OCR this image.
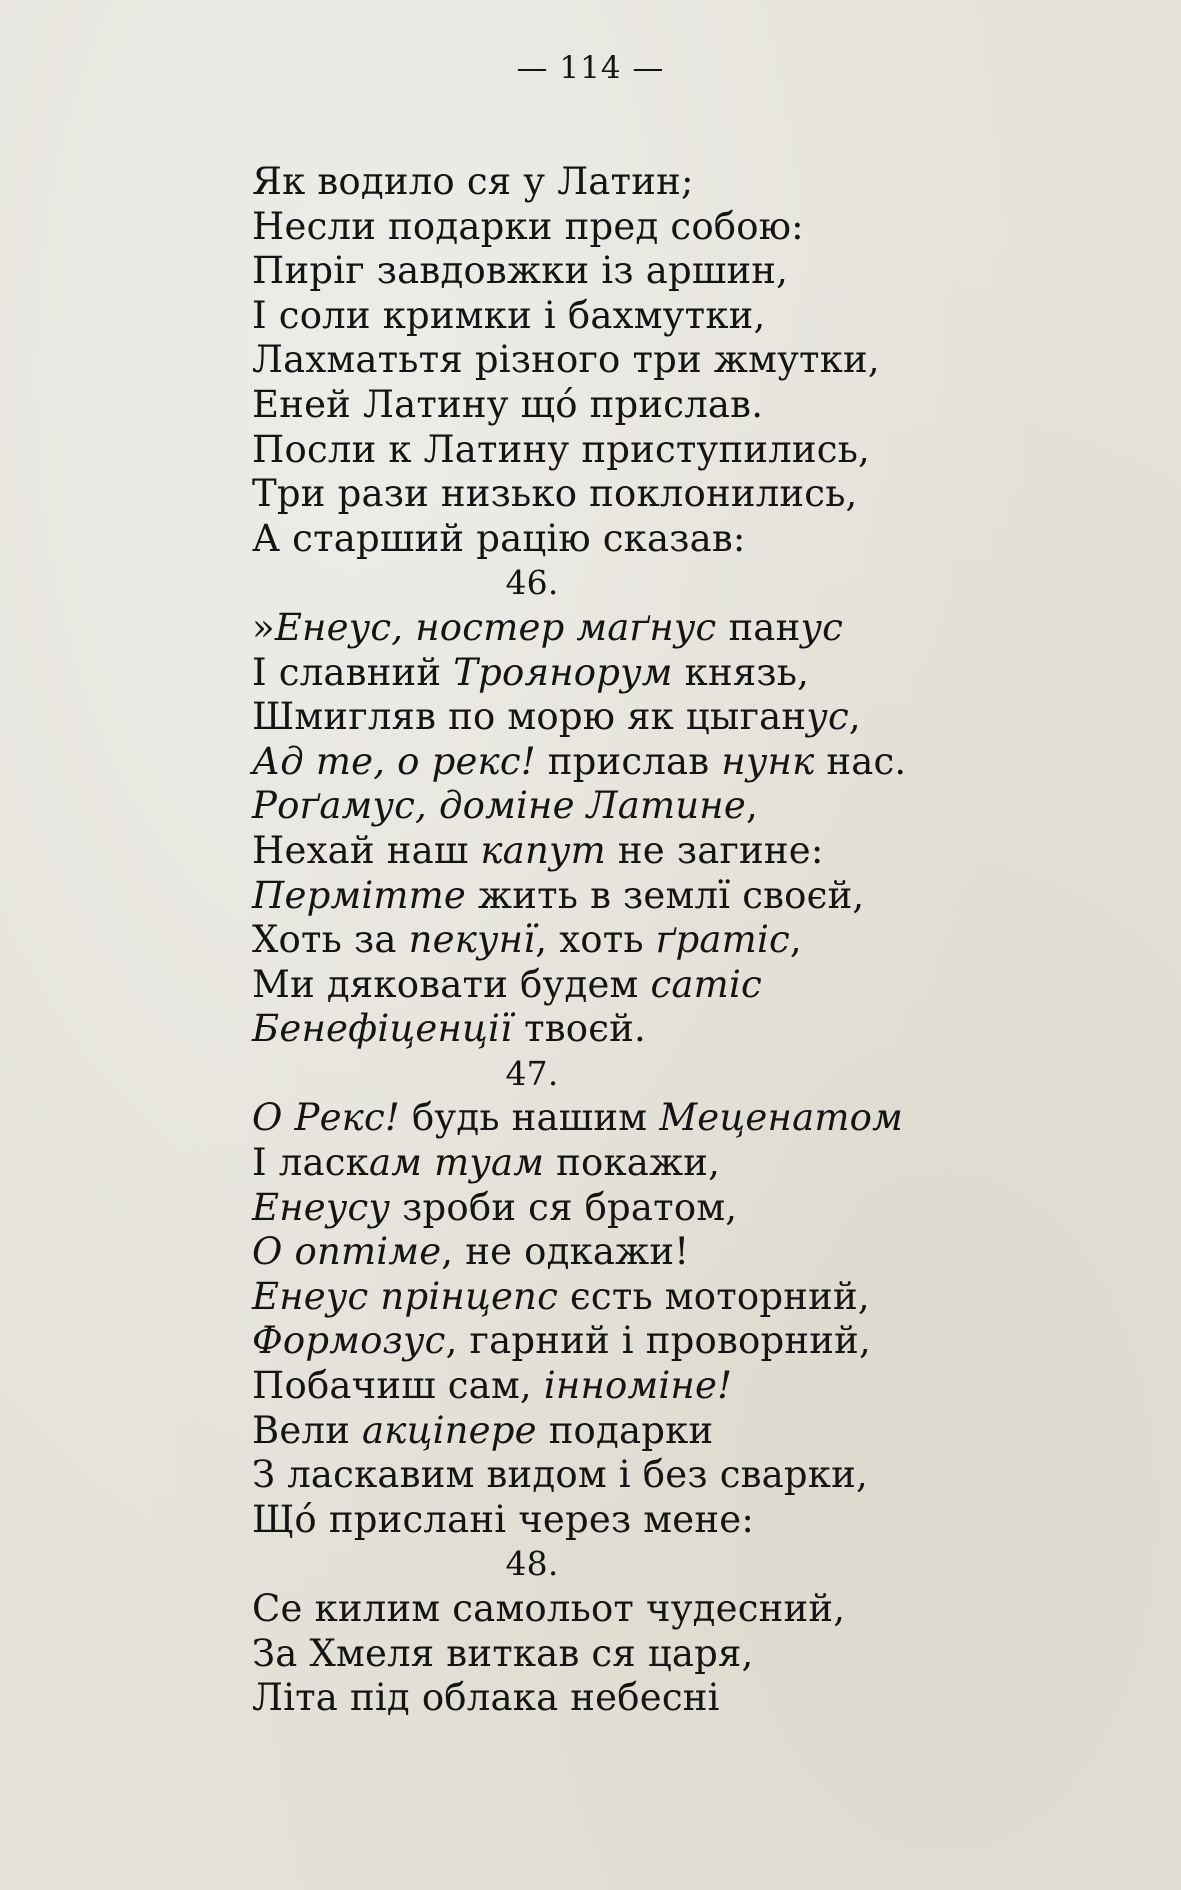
— 114 —
Як водило ся у Латин;
Несли подарки пред собою:
Пиріг завдовжки із аршин,
І соли кримки і бахмутки,
Лахматьтя різного три жмутки,
Еней Латину що́ прислав.
Посли к Латину приступились,
Три рази низько поклонились,
А старший рацію сказав:
46.
»Енеус, ностер маґнус панус
І славний Троянорум князь,
Шмигляв по морю як цыганус,
Ад те, о рекс! прислав нунк нас.
Роґамус, доміне Латине,
Нехай наш капут не загине:
Пермітте жить в землї своєй,
Хоть за пекунї, хоть ґратіс,
Ми дяковати будем сатіс
Бенефіценції твоєй.
47.
О Рекс! будь нашим Меценатом
І ласкам туам покажи,
Енеусу зроби ся братом,
О оптіме, не одкажи!
Енеус прінцепс єсть моторний,
Формозус, гарний і проворний,
Побачиш сам, інноміне!
Вели акціпере подарки
З ласкавим видом і без сварки,
Що́ прислані через мене:
48.
Се килим самольот чудесний,
За Хмеля виткав ся царя,
Літа під облака небесні
